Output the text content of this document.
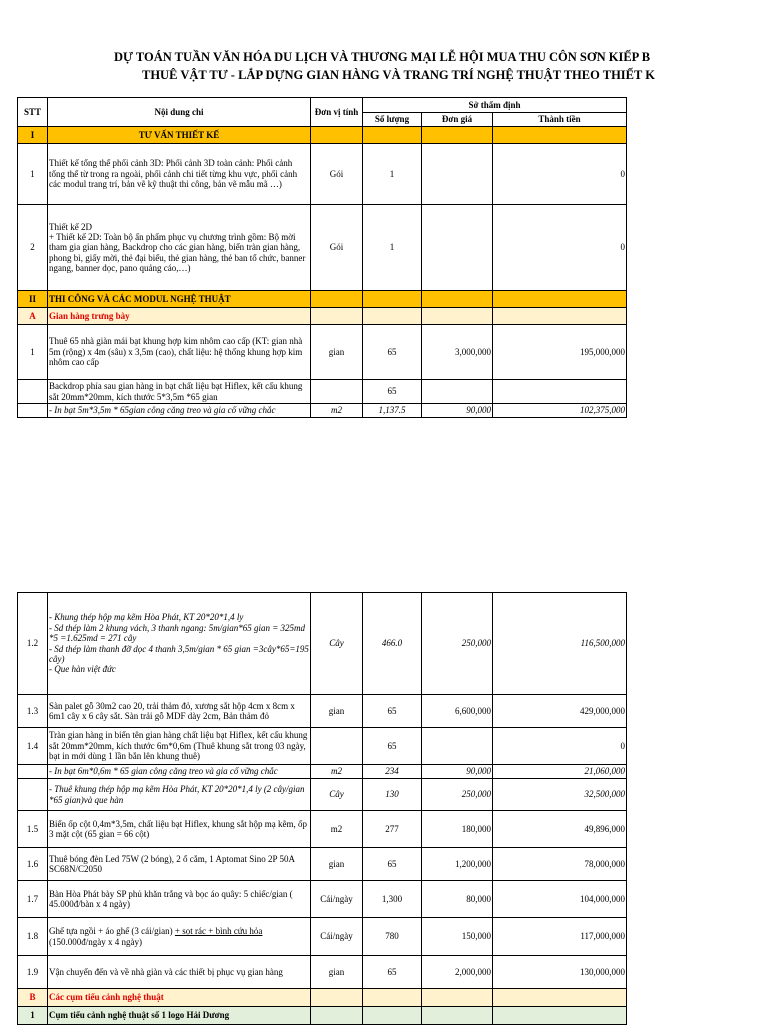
DỰ TOÁN TUẦN VĂN HÓA DU LỊCH VÀ THƯƠNG MẠI LỄ HỘI MUA THU CÔN SƠN KIẾP B
THUÊ VẬT TƯ - LẮP DỰNG GIAN HÀNG VÀ TRANG TRÍ NGHỆ THUẬT THEO THIẾT K
STT	Nội dung chi	Đơn vị tính	Sở thẩm định		
			Số lượng	Đơn giá	Thành tiền
I	TƯ VẤN THIẾT KẾ				
1	Thiết kế tổng thể phối cảnh 3D: Phối cảnh 3D toàn cảnh: Phối cảnh tổng thể từ trong ra ngoài, phối cảnh chi tiết từng khu vực, phối cảnh các modul trang trí, bản vẽ kỹ thuật thi công, bản vẽ mẫu mã …)	Gói	1		0
2	Thiết kế 2D
+ Thiết kế 2D: Toàn bộ ấn phẩm phục vụ chương trình gồm: Bộ mời tham gia gian hàng, Backdrop cho các gian hàng, biển tràn gian hàng, phong bì, giấy mời, thẻ đại biểu, thẻ gian hàng, thẻ ban tổ chức, banner ngang, banner dọc, pano quảng cáo,…)	Gói	1		0
II	THI CÔNG VÀ CÁC MODUL NGHỆ THUẬT				
A	Gian hàng trưng bày				
1	Thuê 65 nhà giàn mái bạt khung hợp kim nhôm cao cấp (KT: gian nhà 5m (rộng) x 4m (sâu) x 3,5m (cao), chất liệu: hệ thống khung hợp kim nhôm cao cấp	gian	65	3,000,000	195,000,000
	Backdrop phía sau gian hàng in bạt chất liệu bạt Hiflex, kết cấu khung sắt 20mm*20mm, kích thước 5*3,5m *65 gian		65		
	- In bạt 5m*3,5m * 65gian công căng treo và gia cố vững chắc	m2	1,137.5	90,000	102,375,000
1.2	- Khung thép hộp mạ kẽm Hòa Phát, KT 20*20*1,4 ly
- Sd thép làm 2 khung vách, 3 thanh ngang: 5m/gian*65 gian = 325md *5 =1.625md = 271 cây
- Sd thép làm thanh đỡ dọc 4 thanh 3,5m/gian * 65 gian =3cây*65=195 cây)
- Que hàn việt đức	Cây	466.0	250,000	116,500,000
1.3	Sàn palet gỗ 30m2 cao 20, trải thảm đỏ, xương sắt hộp 4cm x 8cm x 6m1 cây x 6 cây sắt. Sàn trải gỗ MDF dày 2cm, Bản thảm đỏ	gian	65	6,600,000	429,000,000
1.4	Tràn gian hàng in biển tên gian hàng chất liệu bạt Hiflex, kết cấu khung sắt 20mm*20mm, kích thước 6m*0,6m (Thuê khung sắt trong 03 ngày, bạt in mới dùng 1 lần bắn lên khung thuê)		65		0
	- In bạt 6m*0,6m * 65 gian công căng treo và gia cố vững chắc	m2	234	90,000	21,060,000
	- Thuê khung thép hộp mạ kẽm Hòa Phát, KT 20*20*1,4 ly (2 cây/gian *65 gian)và que hàn	Cây	130	250,000	32,500,000
1.5	Biển ốp cột 0,4m*3,5m, chất liệu bạt Hiflex, khung sắt hộp mạ kẽm, ốp 3 mặt cột (65 gian = 66 cột)	m2	277	180,000	49,896,000
1.6	Thuê bóng đèn Led 75W (2 bóng), 2 ổ cắm, 1 Aptomat Sino 2P 50A SC68N/C2050	gian	65	1,200,000	78,000,000
1.7	Bàn Hòa Phát bày SP phủ khăn trắng và bọc áo quây: 5 chiếc/gian ( 45.000đ/bàn x 4 ngày)	Cái/ngày	1,300	80,000	104,000,000
1.8	Ghế tựa ngồi + áo ghế (3 cái/gian) + sọt rác + bình cứu hỏa (150.000đ/ngày x 4 ngày)	Cái/ngày	780	150,000	117,000,000
1.9	Vận chuyển đến và về nhà giàn và các thiết bị phục vụ gian hàng	gian	65	2,000,000	130,000,000
B	Các cụm tiểu cảnh nghệ thuật				
1	Cụm tiểu cảnh nghệ thuật số 1 logo Hải Dương				
